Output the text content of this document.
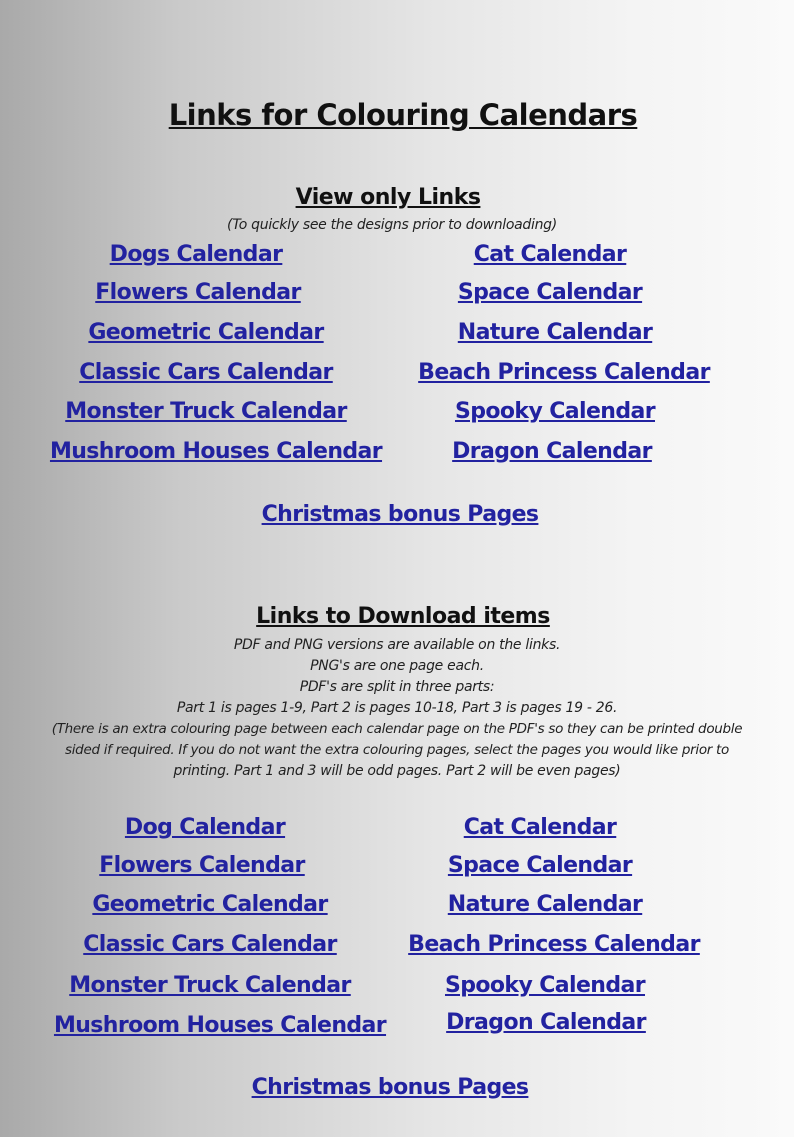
Links for Colouring Calendars
View only Links
(To quickly see the designs prior to downloading)
Dogs Calendar
Flowers Calendar
Geometric Calendar
Classic Cars Calendar
Monster Truck Calendar
Mushroom Houses Calendar
Cat Calendar
Space Calendar
Nature Calendar
Beach Princess Calendar
Spooky Calendar
Dragon Calendar
Christmas bonus Pages
Links to Download items
PDF and PNG versions are available on the links.
PNG's are one page each.
PDF's are split in three parts:
Part 1 is pages 1-9, Part 2 is pages 10-18, Part 3 is pages 19 - 26.
(There is an extra colouring page between each calendar page on the PDF's so they can be printed double
sided if required. If you do not want the extra colouring pages, select the pages you would like prior to
printing. Part 1 and 3 will be odd pages. Part 2 will be even pages)
Dog Calendar
Flowers Calendar
Geometric Calendar
Classic Cars Calendar
Monster Truck Calendar
Mushroom Houses Calendar
Cat Calendar
Space Calendar
Nature Calendar
Beach Princess Calendar
Spooky Calendar
Dragon Calendar
Christmas bonus Pages
